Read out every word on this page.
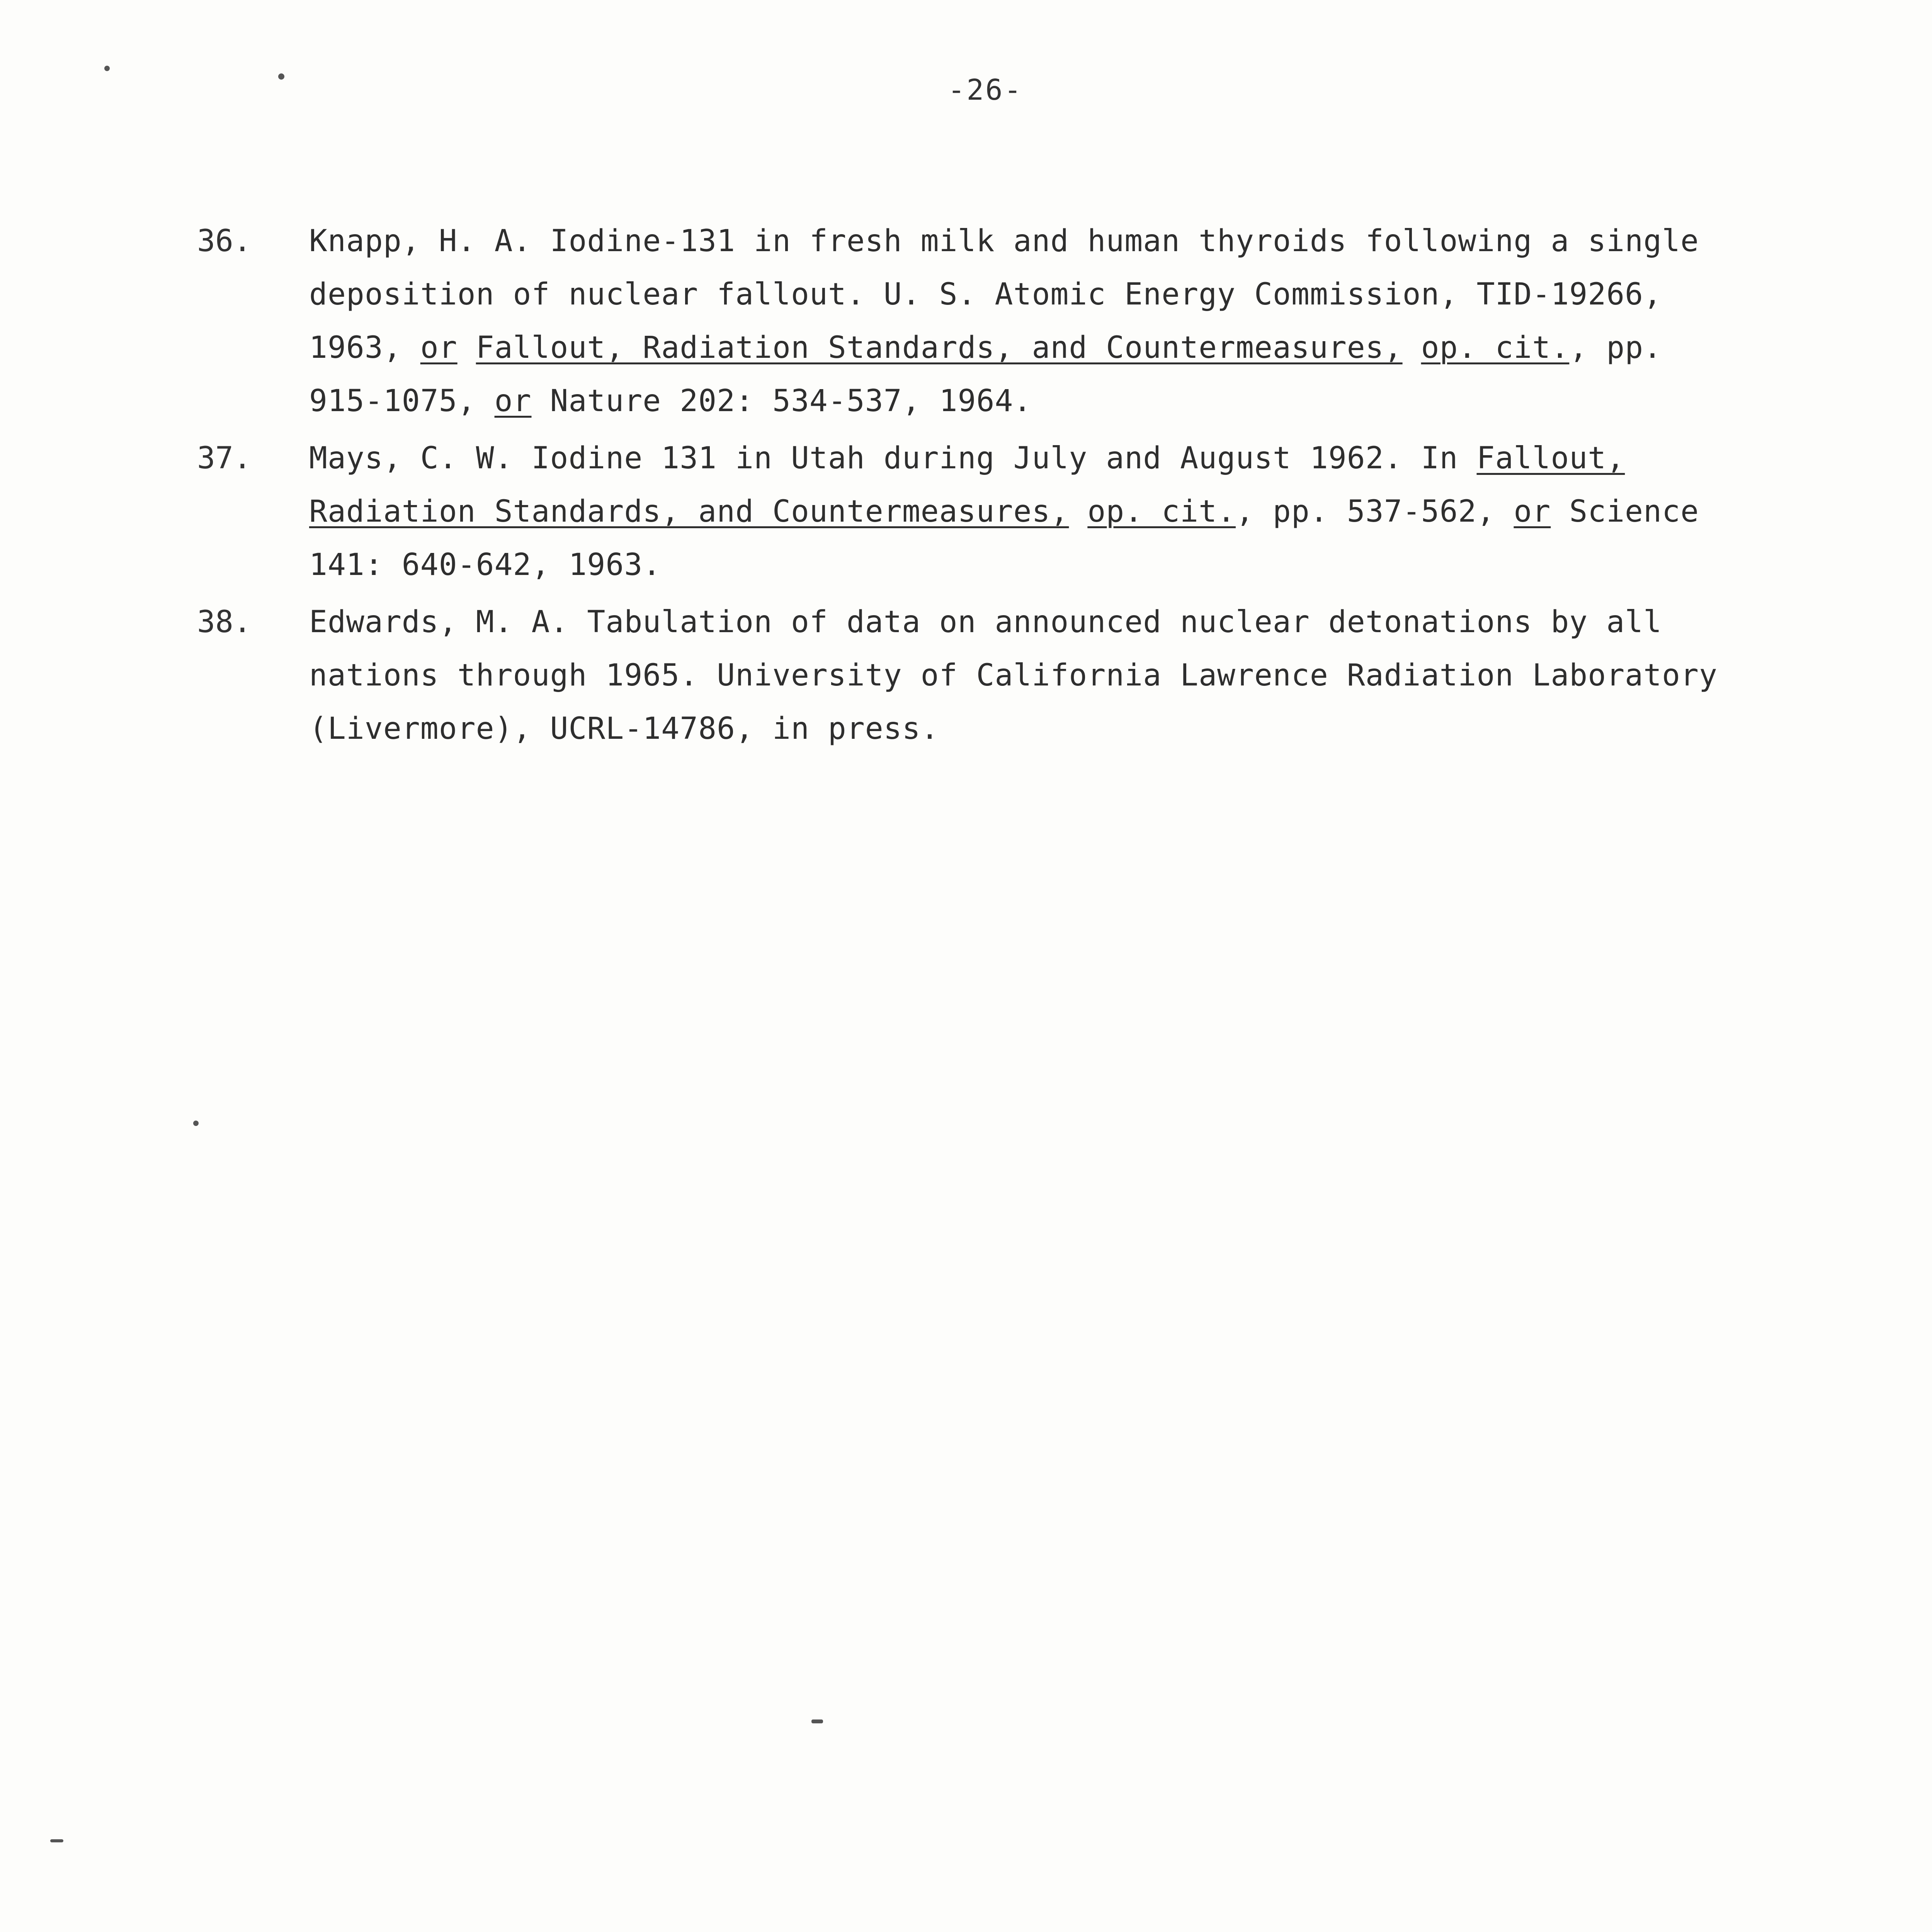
-26-
36. Knapp, H. A. Iodine-131 in fresh milk and human thyroids following a single
deposition of nuclear fallout. U. S. Atomic Energy Commission, TID-19266,
1963, or Fallout, Radiation Standards, and Countermeasures, op. cit., pp.
915-1075, or Nature 202: 534-537, 1964.
37. Mays, C. W. Iodine 131 in Utah during July and August 1962. In Fallout,
Radiation Standards, and Countermeasures, op. cit., pp. 537-562, or Science
141: 640-642, 1963.
38. Edwards, M. A. Tabulation of data on announced nuclear detonations by all
nations through 1965. University of California Lawrence Radiation Laboratory
(Livermore), UCRL-14786, in press.
